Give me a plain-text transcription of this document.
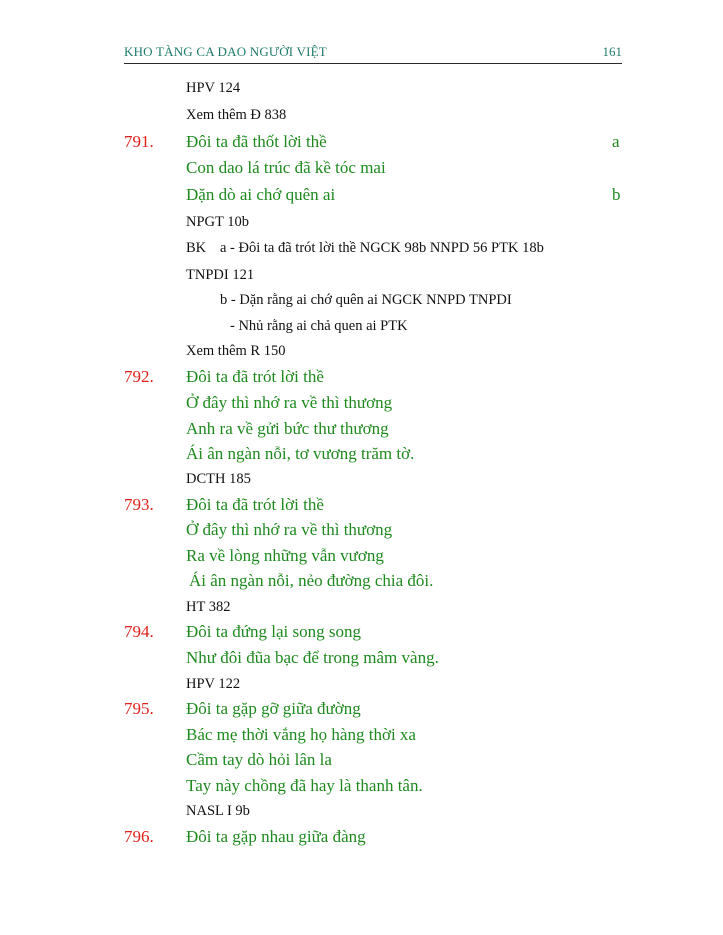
KHO TÀNG CA DAO NGƯỜI VIỆT	161
HPV 124
Xem thêm Đ 838
791. Đôi ta đã thốt lời thề	a
Con dao lá trúc đã kề tóc mai
Dặn dò ai chớ quên ai	b
NPGT 10b
BK a - Đôi ta đã trót lời thề NGCK 98b NNPD 56 PTK 18b
TNPDI 121
b - Dặn rằng ai chớ quên ai NGCK NNPD TNPDI
- Nhủ rằng ai chả quen ai PTK
Xem thêm R 150
792. Đôi ta đã trót lời thề
Ở đây thì nhớ ra về thì thương
Anh ra về gửi bức thư thương
Ái ân ngàn nỗi, tơ vương trăm tờ.
DCTH 185
793. Đôi ta đã trót lời thề
Ở đây thì nhớ ra về thì thương
Ra về lòng những vẫn vương
Ái ân ngàn nỗi, nẻo đường chia đôi.
HT 382
794. Đôi ta đứng lại song song
Như đôi đũa bạc để trong mâm vàng.
HPV 122
795. Đôi ta gặp gỡ giữa đường
Bác mẹ thời vắng họ hàng thời xa
Cầm tay dò hỏi lân la
Tay này chồng đã hay là thanh tân.
NASL I 9b
796. Đôi ta gặp nhau giữa đàng
